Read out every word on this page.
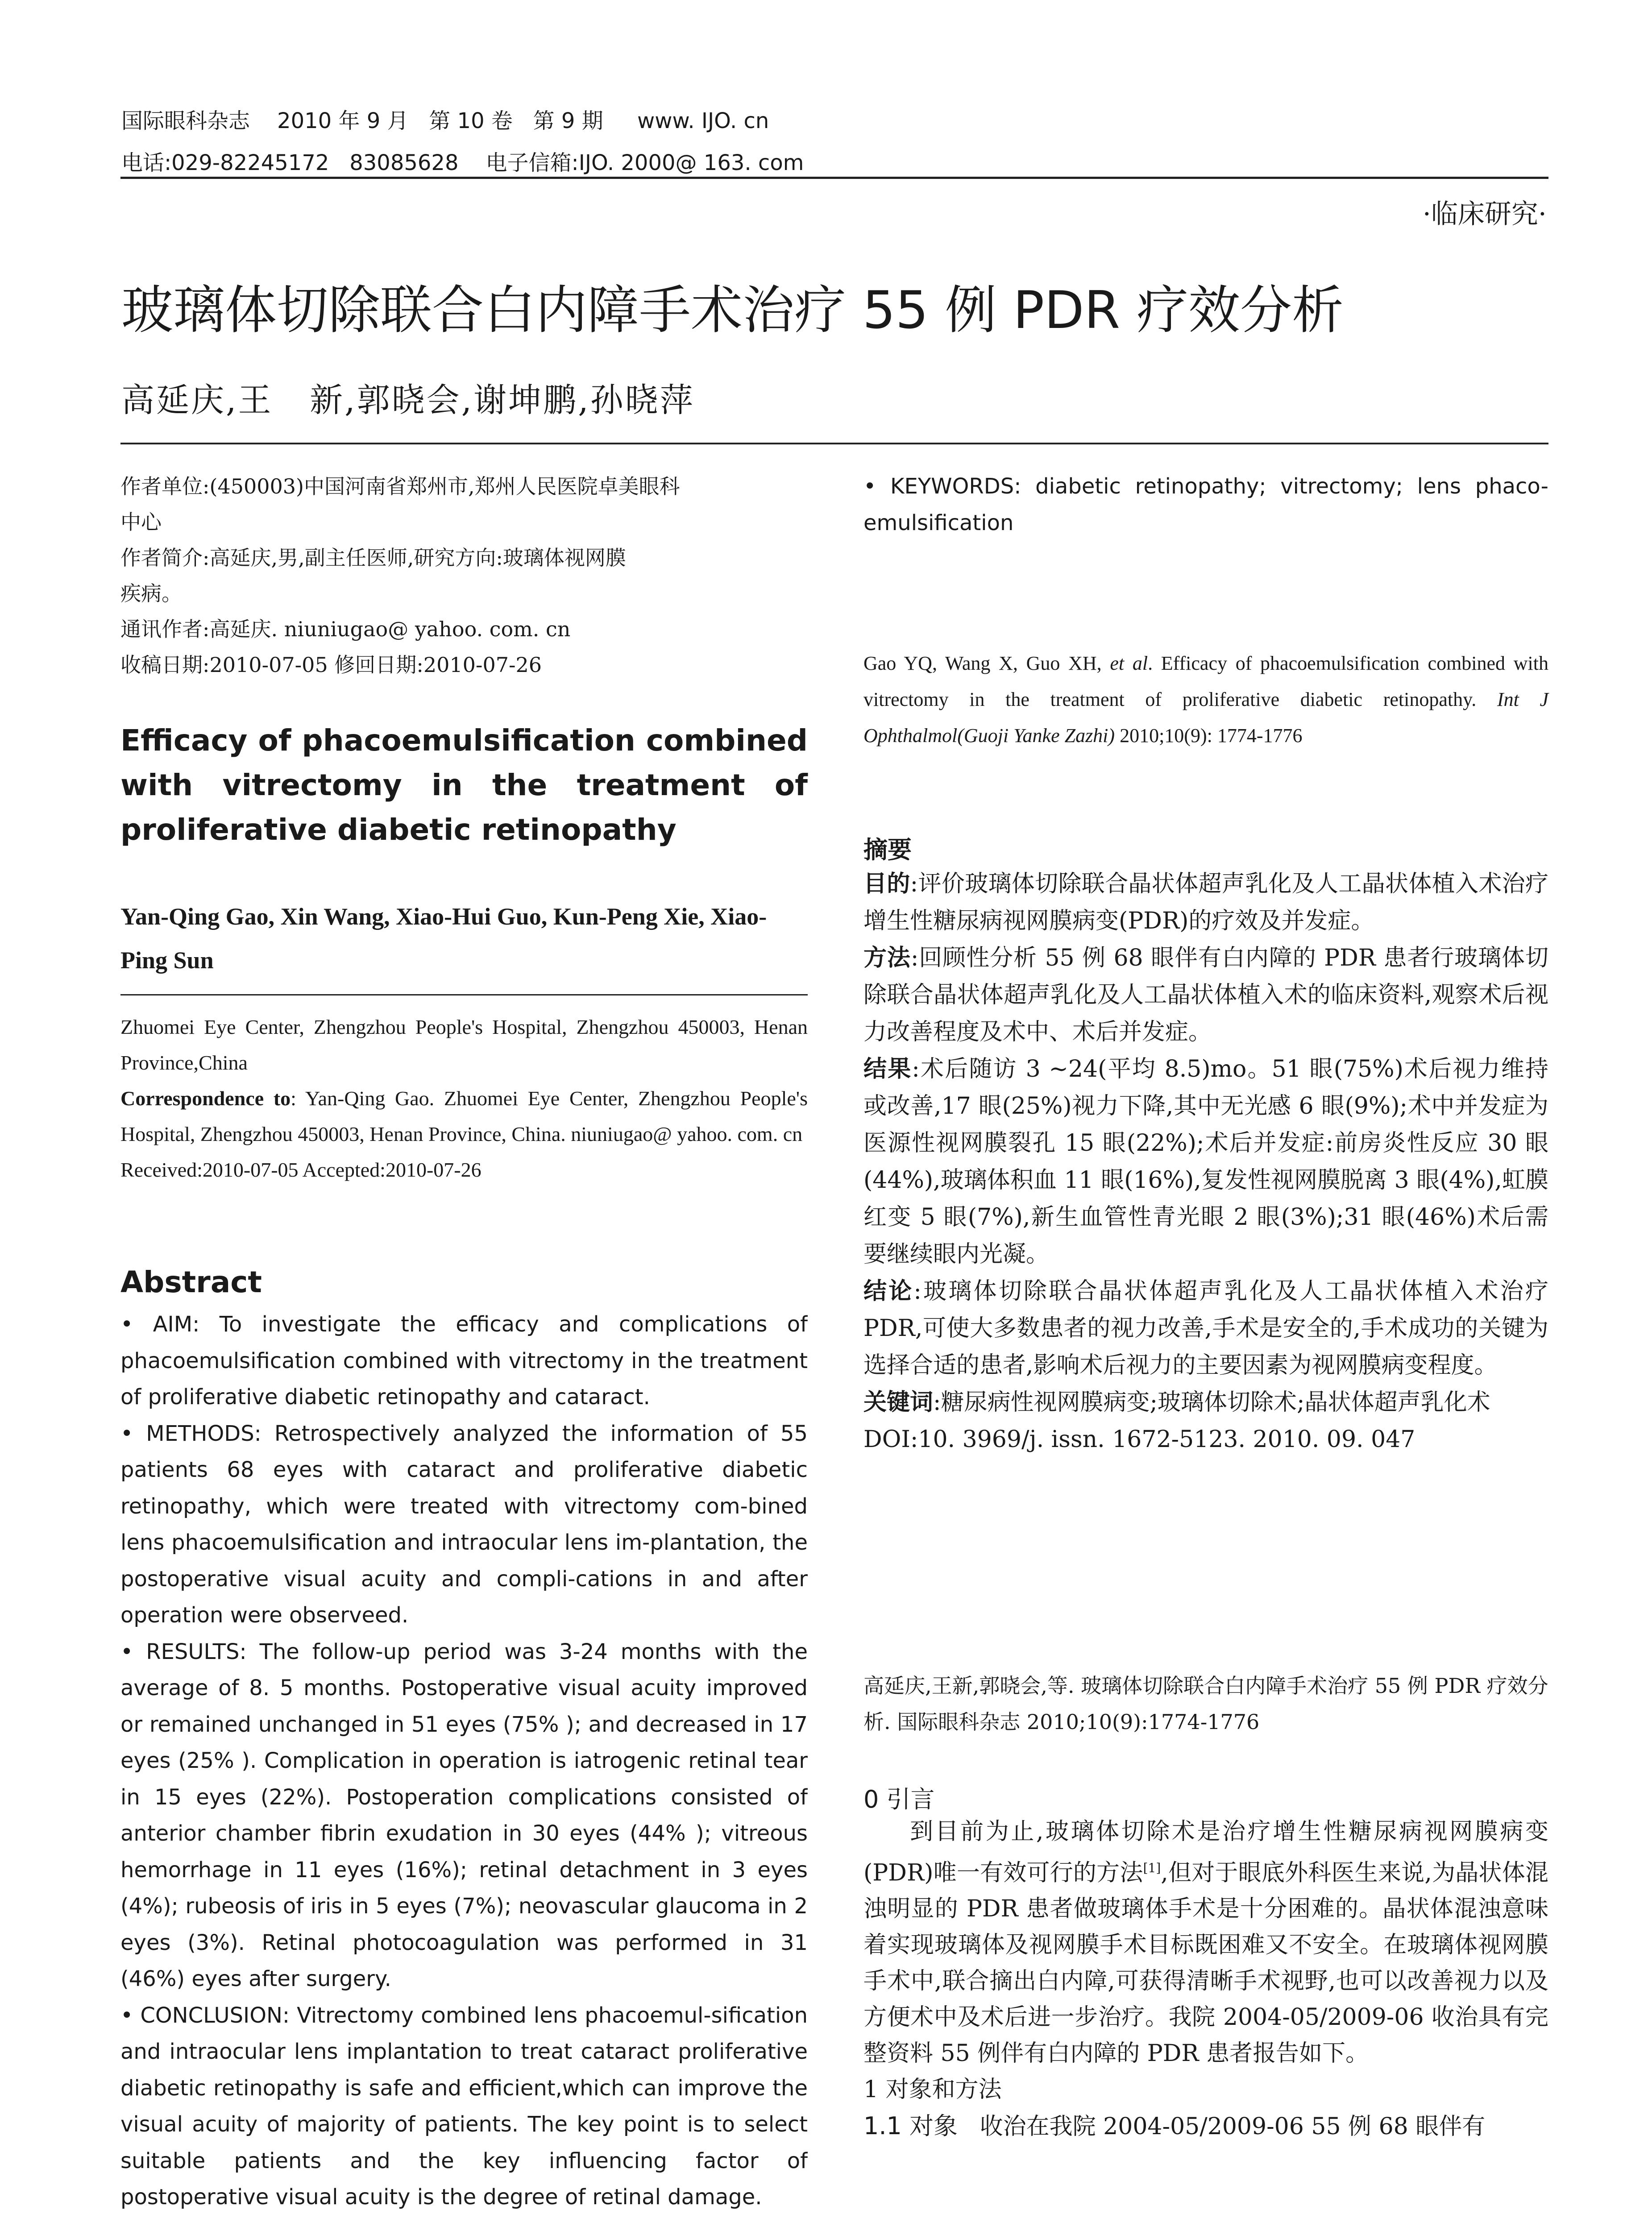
国际眼科杂志    2010 年 9 月   第 10 卷   第 9 期     www. IJO. cn
电话:029-82245172   83085628    电子信箱:IJO. 2000@ 163. com
·临床研究·
玻璃体切除联合白内障手术治疗 55 例 PDR 疗效分析
高延庆,王   新,郭晓会,谢坤鹏,孙晓萍

作者单位:(450003)中国河南省郑州市,郑州人民医院卓美眼科

中心

作者简介:高延庆,男,副主任医师,研究方向:玻璃体视网膜

疾病。

通讯作者:高延庆. niuniugao@ yahoo. com. cn

收稿日期:2010-07-05 修回日期:2010-07-26

Efficacy of phacoemulsification combined with vitrectomy in the treatment of proliferative diabetic retinopathy
Yan-Qing Gao, Xin Wang, Xiao-Hui Guo, Kun-Peng Xie, Xiao-Ping Sun

Zhuomei Eye Center, Zhengzhou People's Hospital, Zhengzhou 450003, Henan Province,China

Correspondence to: Yan-Qing Gao. Zhuomei Eye Center, Zhengzhou People's Hospital, Zhengzhou 450003, Henan Province, China. niuniugao@ yahoo. com. cn

Received:2010-07-05 Accepted:2010-07-26

Abstract

• AIM: To investigate the efficacy and complications of phacoemulsification combined with vitrectomy in the treatment of proliferative diabetic retinopathy and cataract.

• METHODS: Retrospectively analyzed the information of 55 patients 68 eyes with cataract and proliferative diabetic retinopathy, which were treated with vitrectomy com-bined lens phacoemulsification and intraocular lens im-plantation, the postoperative visual acuity and compli-cations in and after operation were observeed.

• RESULTS: The follow-up period was 3-24 months with the average of 8. 5 months. Postoperative visual acuity improved or remained unchanged in 51 eyes (75% ); and decreased in 17 eyes (25% ). Complication in operation is iatrogenic retinal tear in 15 eyes (22%). Postoperation complications consisted of anterior chamber fibrin exudation in 30 eyes (44% ); vitreous hemorrhage in 11 eyes (16%); retinal detachment in 3 eyes (4%); rubeosis of iris in 5 eyes (7%); neovascular glaucoma in 2 eyes (3%). Retinal photocoagulation was performed in 31 (46%) eyes after surgery.

• CONCLUSION: Vitrectomy combined lens phacoemul-sification and intraocular lens implantation to treat cataract proliferative diabetic retinopathy is safe and efficient,which can improve the visual acuity of majority of patients. The key point is to select suitable patients and the key influencing factor of postoperative visual acuity is the degree of retinal damage.

• KEYWORDS: diabetic retinopathy; vitrectomy; lens phaco-emulsification

Gao YQ, Wang X, Guo XH, et al. Efficacy of phacoemulsification combined with vitrectomy in the treatment of proliferative diabetic retinopathy. Int J Ophthalmol(Guoji Yanke Zazhi) 2010;10(9): 1774-1776

摘要

目的:评价玻璃体切除联合晶状体超声乳化及人工晶状体植入术治疗增生性糖尿病视网膜病变(PDR)的疗效及并发症。

方法:回顾性分析 55 例 68 眼伴有白内障的 PDR 患者行玻璃体切除联合晶状体超声乳化及人工晶状体植入术的临床资料,观察术后视力改善程度及术中、术后并发症。

结果:术后随访 3 ~24(平均 8.5)mo。51 眼(75%)术后视力维持或改善,17 眼(25%)视力下降,其中无光感 6 眼(9%);术中并发症为医源性视网膜裂孔 15 眼(22%);术后并发症:前房炎性反应 30 眼(44%),玻璃体积血 11 眼(16%),复发性视网膜脱离 3 眼(4%),虹膜红变 5 眼(7%),新生血管性青光眼 2 眼(3%);31 眼(46%)术后需要继续眼内光凝。

结论:玻璃体切除联合晶状体超声乳化及人工晶状体植入术治疗 PDR,可使大多数患者的视力改善,手术是安全的,手术成功的关键为选择合适的患者,影响术后视力的主要因素为视网膜病变程度。

关键词:糖尿病性视网膜病变;玻璃体切除术;晶状体超声乳化术

DOI:10. 3969/j. issn. 1672-5123. 2010. 09. 047

高延庆,王新,郭晓会,等. 玻璃体切除联合白内障手术治疗 55 例 PDR 疗效分析. 国际眼科杂志 2010;10(9):1774-1776

0 引言

到目前为止,玻璃体切除术是治疗增生性糖尿病视网膜病变(PDR)唯一有效可行的方法[1],但对于眼底外科医生来说,为晶状体混浊明显的 PDR 患者做玻璃体手术是十分困难的。晶状体混浊意味着实现玻璃体及视网膜手术目标既困难又不安全。在玻璃体视网膜手术中,联合摘出白内障,可获得清晰手术视野,也可以改善视力以及方便术中及术后进一步治疗。我院 2004-05/2009-06 收治具有完整资料 55 例伴有白内障的 PDR 患者报告如下。

1 对象和方法

1.1 对象   收治在我院 2004-05/2009-06 55 例 68 眼伴有
